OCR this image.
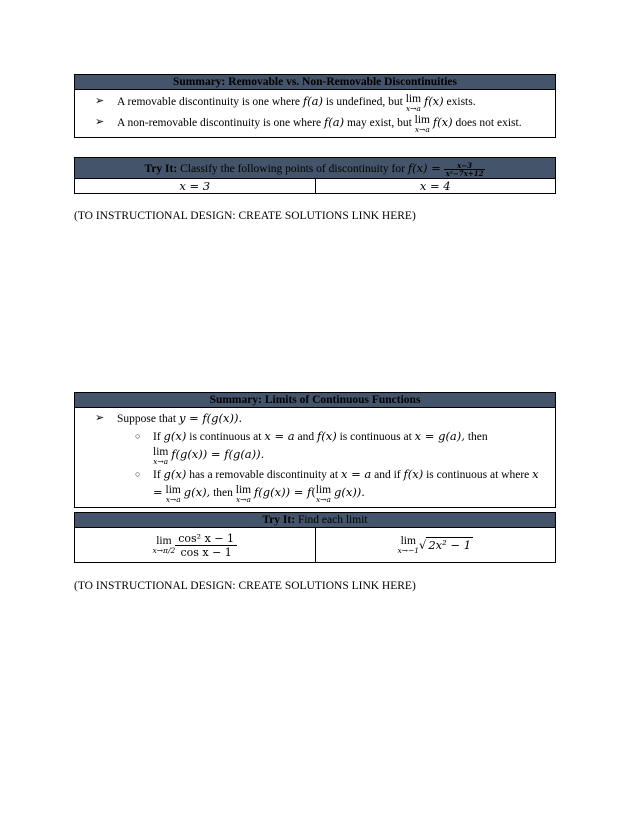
Summary: Removable vs. Non-Removable Discontinuities
➢ A removable discontinuity is one where f(a) is undefined, but lim
x→a
f(x) exists.
➢ A non-removable discontinuity is one where f(a) may exist, but lim
x→a
f(x) does not exist.
Try It: Classify the following points of discontinuity for $f(x) = \frac{x-3}{\text{x²−7x+12}}$
x = 3	x = 4
(TO INSTRUCTIONAL DESIGN: CREATE SOLUTIONS LINK HERE)
Summary: Limits of Continuous Functions
➢ Suppose that y = f(g(x)).
○ If g(x) is continuous at x = a and f(x) is continuous at x = g(a), then

lim
x→a
f(g(x)) = f(g(a)).
○ If g(x) has a removable discontinuity at x = a and if f(x) is continuous at where x = lim
x→a
g(x), then lim
x→a
f(g(x)) = f( lim
x→a
g(x)).
Try It: Find each limit
lim
x→π/2
cos² x − 1
cos x − 1
lim
x→−1 √ 2x² − 1
(TO INSTRUCTIONAL DESIGN: CREATE SOLUTIONS LINK HERE)
